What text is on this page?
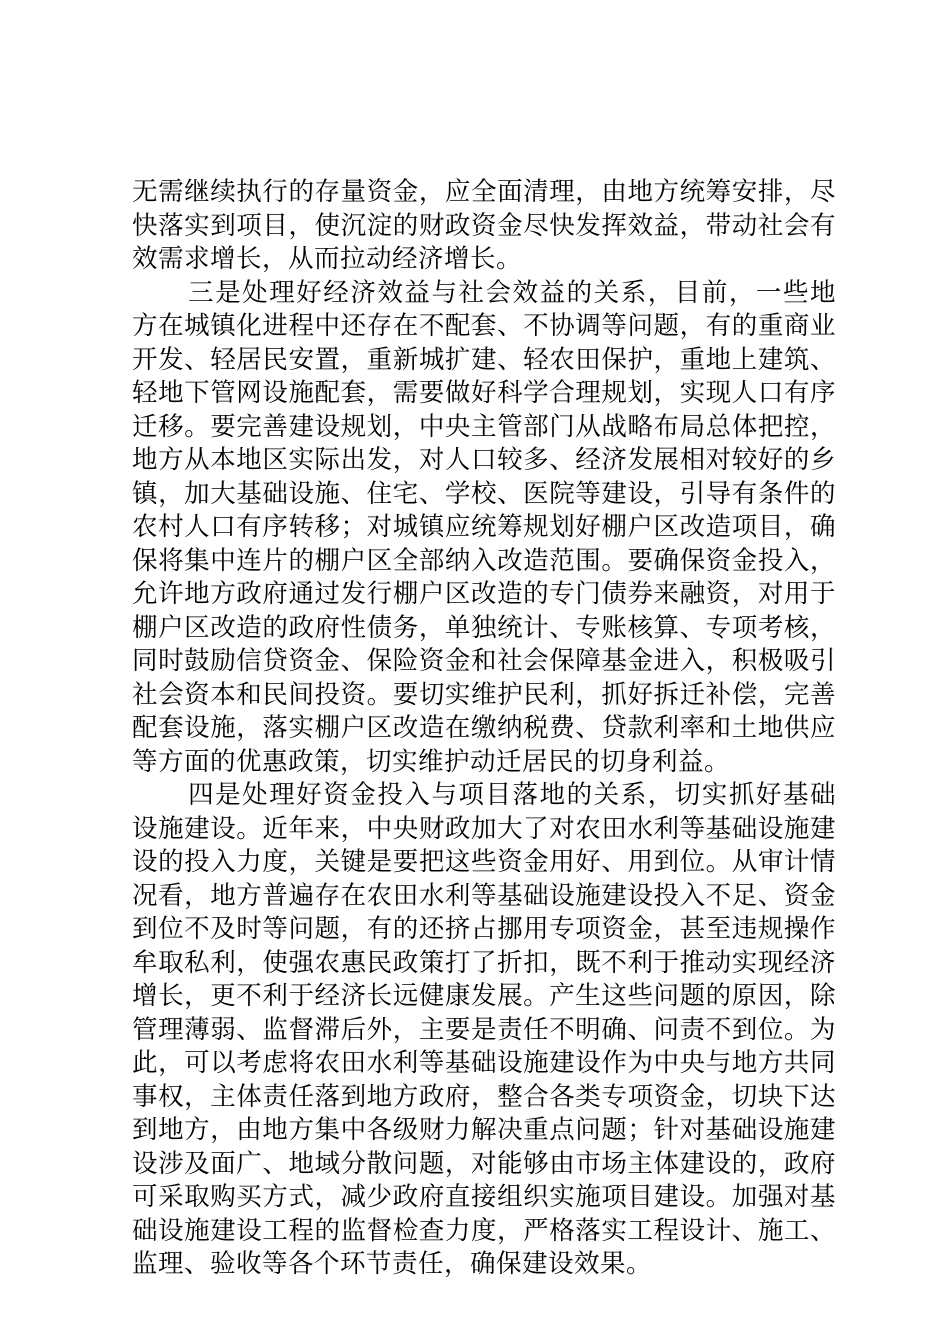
无需继续执行的存量资金，应全面清理，由地方统筹安排，尽快落实到项目，使沉淀的财政资金尽快发挥效益，带动社会有效需求增长，从而拉动经济增长。

三是处理好经济效益与社会效益的关系，目前，一些地方在城镇化进程中还存在不配套、不协调等问题，有的重商业开发、轻居民安置，重新城扩建、轻农田保护，重地上建筑、轻地下管网设施配套，需要做好科学合理规划，实现人口有序迁移。要完善建设规划，中央主管部门从战略布局总体把控，地方从本地区实际出发，对人口较多、经济发展相对较好的乡镇，加大基础设施、住宅、学校、医院等建设，引导有条件的农村人口有序转移；对城镇应统筹规划好棚户区改造项目，确保将集中连片的棚户区全部纳入改造范围。要确保资金投入，允许地方政府通过发行棚户区改造的专门债券来融资，对用于棚户区改造的政府性债务，单独统计、专账核算、专项考核，同时鼓励信贷资金、保险资金和社会保障基金进入，积极吸引社会资本和民间投资。要切实维护民利，抓好拆迁补偿，完善配套设施，落实棚户区改造在缴纳税费、贷款利率和土地供应等方面的优惠政策，切实维护动迁居民的切身利益。

四是处理好资金投入与项目落地的关系，切实抓好基础设施建设。近年来，中央财政加大了对农田水利等基础设施建设的投入力度，关键是要把这些资金用好、用到位。从审计情况看，地方普遍存在农田水利等基础设施建设投入不足、资金到位不及时等问题，有的还挤占挪用专项资金，甚至违规操作牟取私利，使强农惠民政策打了折扣，既不利于推动实现经济增长，更不利于经济长远健康发展。产生这些问题的原因，除管理薄弱、监督滞后外，主要是责任不明确、问责不到位。为此，可以考虑将农田水利等基础设施建设作为中央与地方共同事权，主体责任落到地方政府，整合各类专项资金，切块下达到地方，由地方集中各级财力解决重点问题；针对基础设施建设涉及面广、地域分散问题，对能够由市场主体建设的，政府可采取购买方式，减少政府直接组织实施项目建设。加强对基础设施建设工程的监督检查力度，严格落实工程设计、施工、监理、验收等各个环节责任，确保建设效果。
